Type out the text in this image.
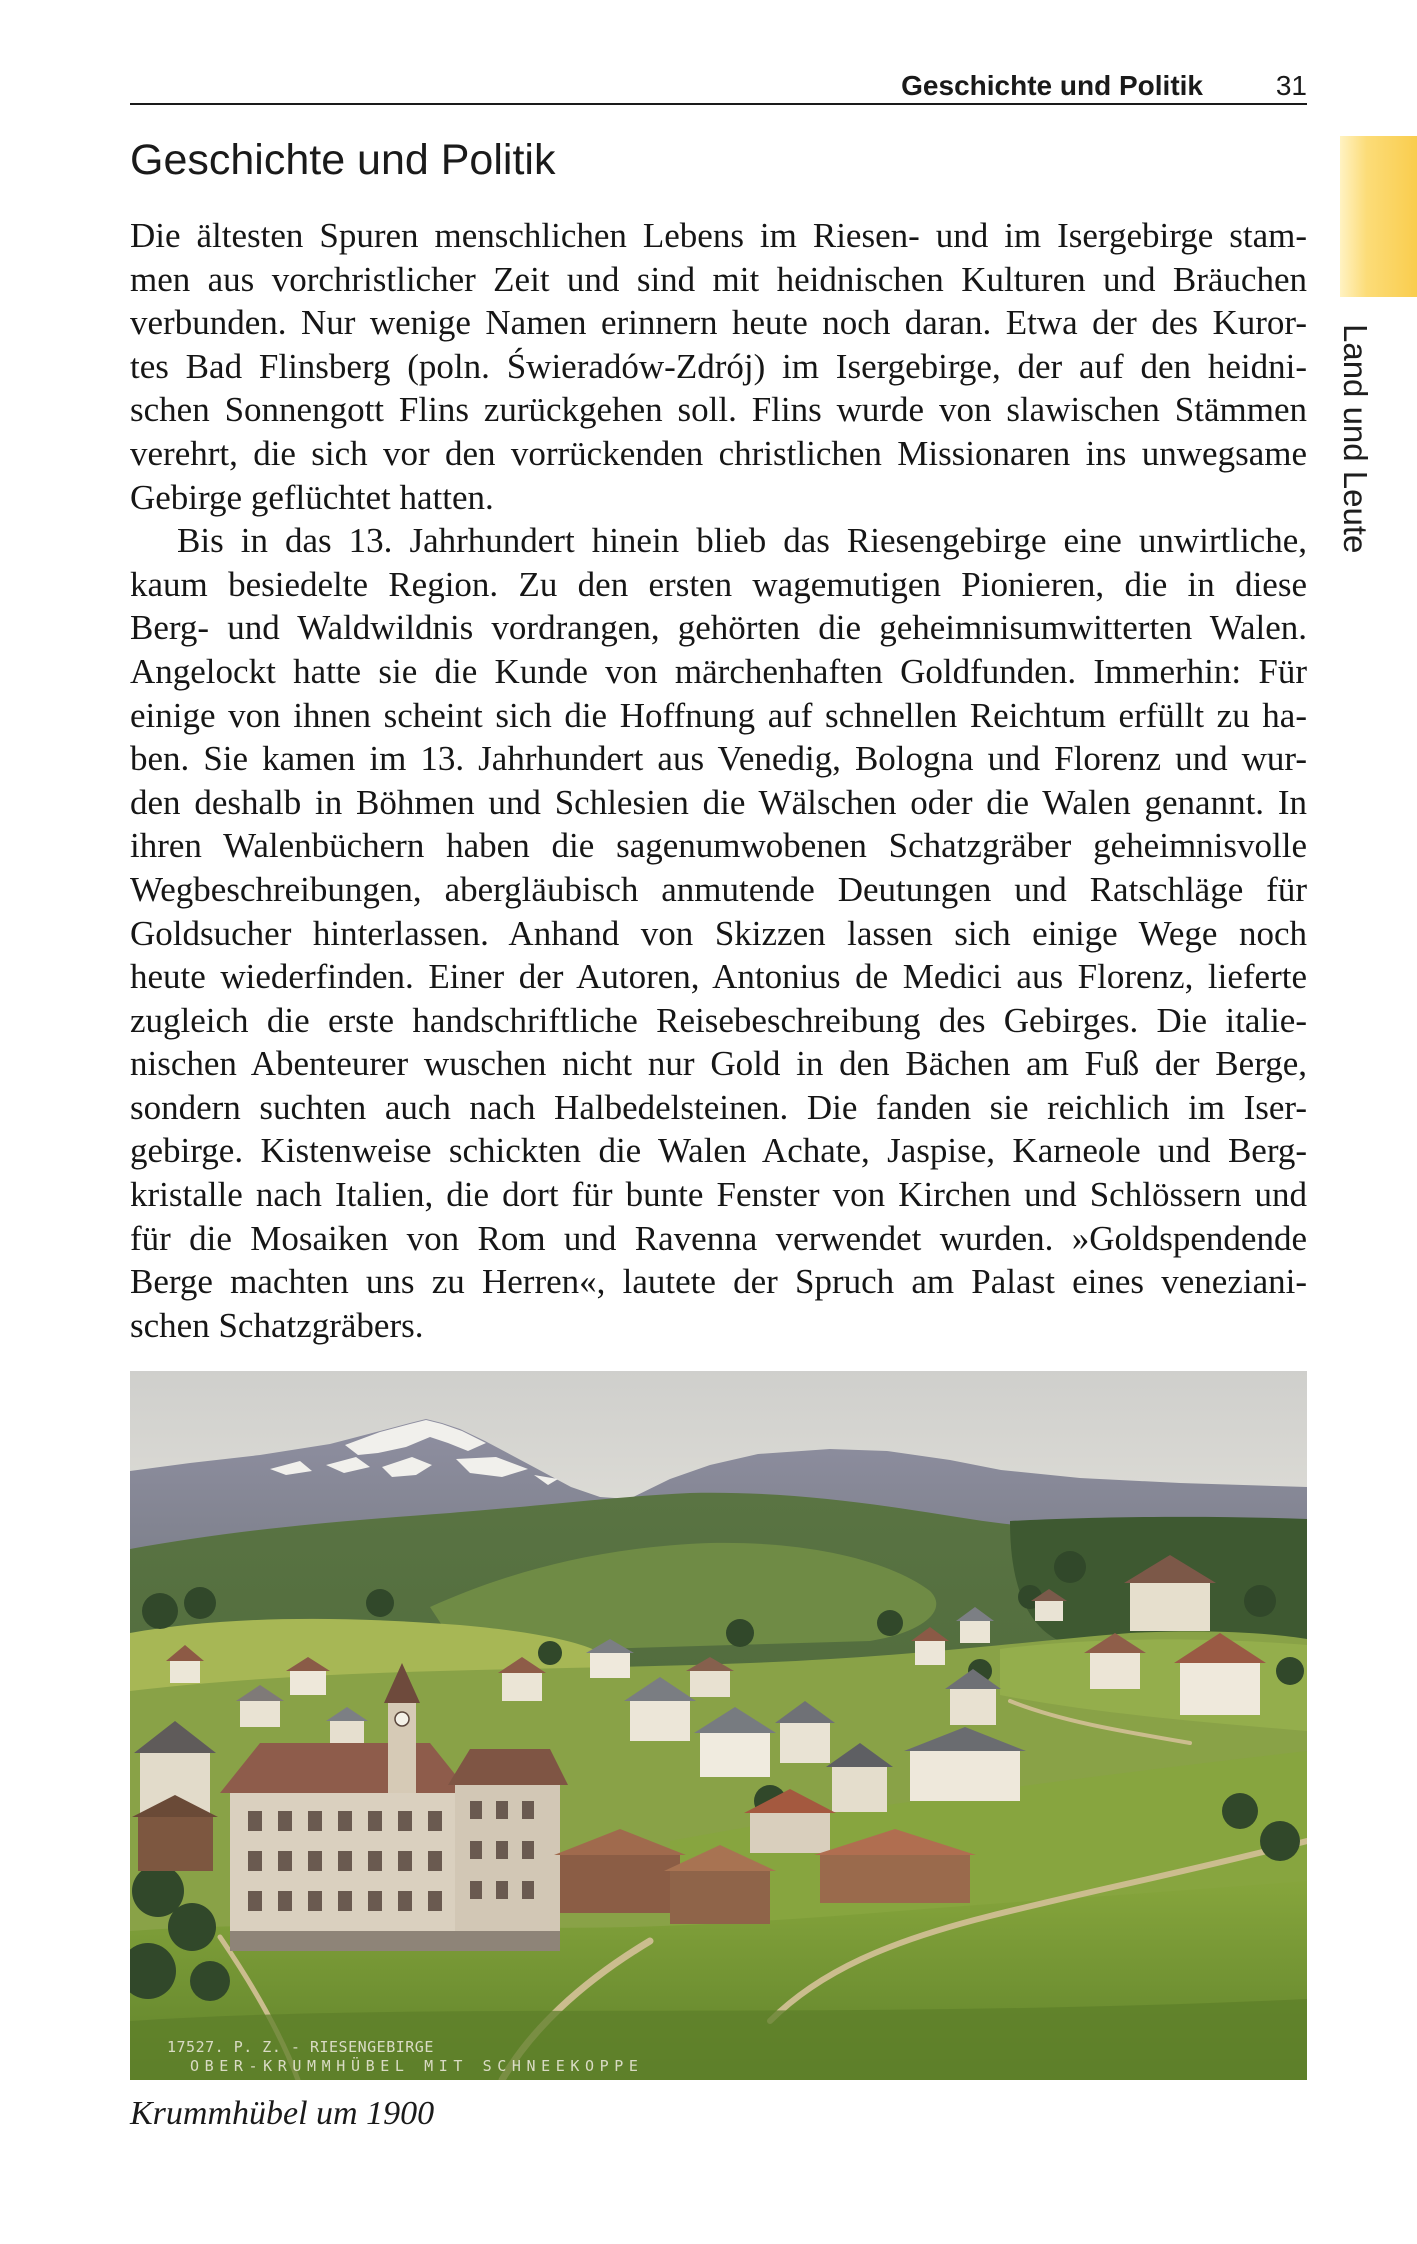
Geschichte und Politik	31
Land und Leute
Geschichte und Politik
Die ältesten Spuren menschlichen Lebens im Riesen- und im Isergebirge stam-
men aus vorchristlicher Zeit und sind mit heidnischen Kulturen und Bräuchen
verbunden. Nur wenige Namen erinnern heute noch daran. Etwa der des Kuror-
tes Bad Flinsberg (poln. Świeradów-Zdrój) im Isergebirge, der auf den heidni-
schen Sonnengott Flins zurückgehen soll. Flins wurde von slawischen Stämmen
verehrt, die sich vor den vorrückenden christlichen Missionaren ins unwegsame
Gebirge geflüchtet hatten.
Bis in das 13. Jahrhundert hinein blieb das Riesengebirge eine unwirtliche,
kaum besiedelte Region. Zu den ersten wagemutigen Pionieren, die in diese
Berg- und Waldwildnis vordrangen, gehörten die geheimnisumwitterten Walen.
Angelockt hatte sie die Kunde von märchenhaften Goldfunden. Immerhin: Für
einige von ihnen scheint sich die Hoffnung auf schnellen Reichtum erfüllt zu ha-
ben. Sie kamen im 13. Jahrhundert aus Venedig, Bologna und Florenz und wur-
den deshalb in Böhmen und Schlesien die Wälschen oder die Walen genannt. In
ihren Walenbüchern haben die sagenumwobenen Schatzgräber geheimnisvolle
Wegbeschreibungen, abergläubisch anmutende Deutungen und Ratschläge für
Goldsucher hinterlassen. Anhand von Skizzen lassen sich einige Wege noch
heute wiederfinden. Einer der Autoren, Antonius de Medici aus Florenz, lieferte
zugleich die erste handschriftliche Reisebeschreibung des Gebirges. Die italie-
nischen Abenteurer wuschen nicht nur Gold in den Bächen am Fuß der Berge,
sondern suchten auch nach Halbedelsteinen. Die fanden sie reichlich im Iser-
gebirge. Kistenweise schickten die Walen Achate, Jaspise, Karneole und Berg-
kristalle nach Italien, die dort für bunte Fenster von Kirchen und Schlössern und
für die Mosaiken von Rom und Ravenna verwendet wurden. »Goldspendende
Berge machten uns zu Herren«, lautete der Spruch am Palast eines veneziani-
schen Schatzgräbers.
17527. P. Z. - RIESENGEBIRGE
OBER-KRUMMHÜBEL MIT SCHNEEKOPPE
Krummhübel um 1900
